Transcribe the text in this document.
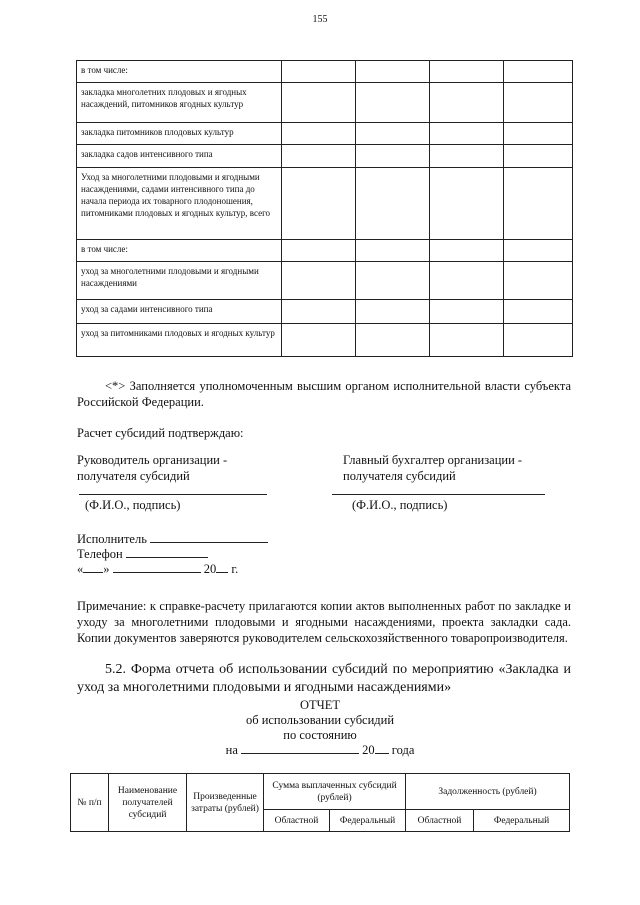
155
в том числе:				
закладка многолетних плодовых и ягодных насаждений, питомников ягодных культур				
закладка питомников плодовых культур				
закладка садов интенсивного типа				
Уход за многолетними плодовыми и ягодными насаждениями, садами интенсивного типа до начала периода их товарного плодоношения, питомниками плодовых и ягодных культур, всего				
в том числе:				
уход за многолетними плодовыми и ягодными насаждениями				
уход за садами интенсивного типа				
уход за питомниками плодовых и ягодных культур				
<*> Заполняется уполномоченным высшим органом исполнительной власти субъекта Российской Федерации.
Расчет субсидий подтверждаю:
Руководитель организации - получателя субсидий
Главный бухгалтер организации - получателя субсидий
(Ф.И.О., подпись)	(Ф.И.О., подпись)
Исполнитель
Телефон
« »	20 г.
Примечание: к справке-расчету прилагаются копии актов выполненных работ по закладке и уходу за многолетними плодовыми и ягодными насаждениями, проекта закладки сада. Копии документов заверяются руководителем сельскохозяйственного товаропроизводителя.
5.2. Форма отчета об использовании субсидий по мероприятию «Закладка и уход за многолетними плодовыми и ягодными насаждениями»
ОТЧЕТ
об использовании субсидий
по состоянию
на	20 года
№ п/п	Наименование получателей субсидий	Произведенные затраты (рублей)	Сумма выплаченных субсидий (рублей)		Задолженность (рублей)	
			Областной	Федеральный	Областной	Федеральный
